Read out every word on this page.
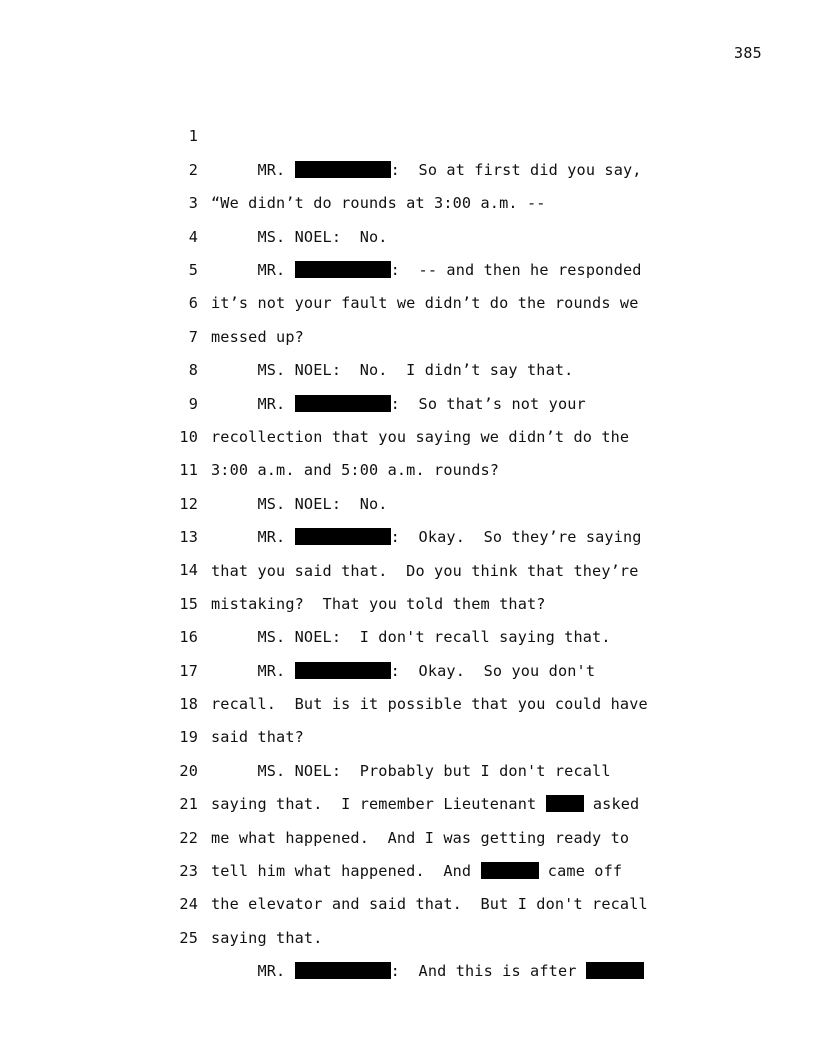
385

1

MR.	:  So at first did you say,

2

“We didn’t do rounds at 3:00 a.m. --

3

MS. NOEL:  No.

4

MR.	:  -- and then he responded

5

it’s not your fault we didn’t do the rounds we

6

messed up?

7

MS. NOEL:  No.  I didn’t say that.

8

MR.	:  So that’s not your

9

recollection that you saying we didn’t do the

10

3:00 a.m. and 5:00 a.m. rounds?

11

MS. NOEL:  No.

12

MR.	:  Okay.  So they’re saying

13

that you said that.  Do you think that they’re

14

mistaking?  That you told them that?

15

MS. NOEL:  I don't recall saying that.

16

MR.	:  Okay.  So you don't

17

recall.  But is it possible that you could have

18

said that?

19

MS. NOEL:  Probably but I don't recall

20

saying that.  I remember Lieutenant	asked

21

me what happened.  And I was getting ready to

22

tell him what happened.  And	came off

23

the elevator and said that.  But I don't recall

24

saying that.

25

MR.	:  And this is after
